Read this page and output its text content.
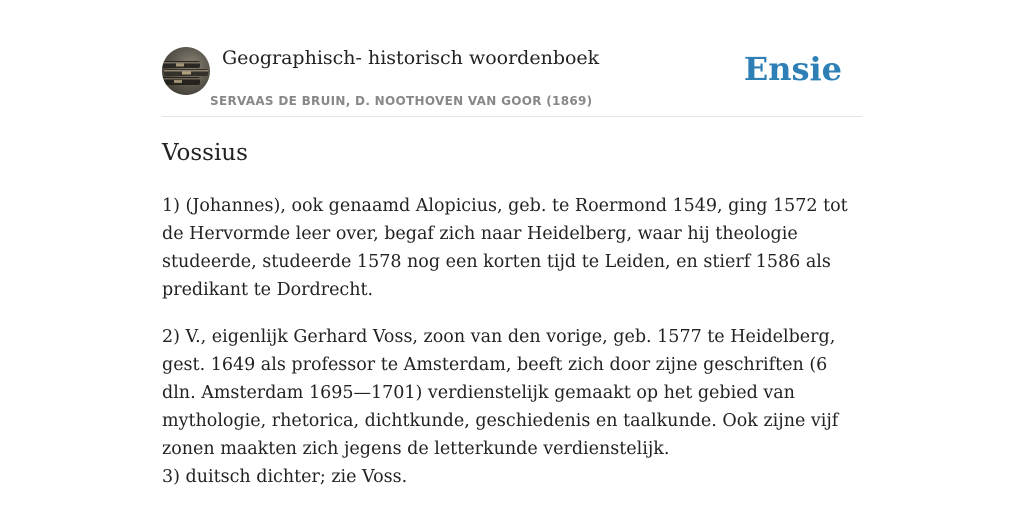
Geographisch- historisch woordenboek
SERVAAS DE BRUIN, D. NOOTHOVEN VAN GOOR (1869)
Ensie
Vossius

1) (Johannes), ook genaamd Alopicius, geb. te Roermond 1549, ging 1572 tot de Hervormde leer over, begaf zich naar Heidelberg, waar hij theologie studeerde, studeerde 1578 nog een korten tijd te Leiden, en stierf 1586 als predikant te Dordrecht.

2) V., eigenlijk Gerhard Voss, zoon van den vorige, geb. 1577 te Heidelberg, gest. 1649 als professor te Amsterdam, beeft zich door zijne geschriften (6 dln. Amsterdam 1695—1701) verdienstelijk gemaakt op het gebied van mythologie, rhetorica, dichtkunde, geschiedenis en taalkunde. Ook zijne vijf zonen maakten zich jegens de letterkunde verdienstelijk.

3) duitsch dichter; zie Voss.
